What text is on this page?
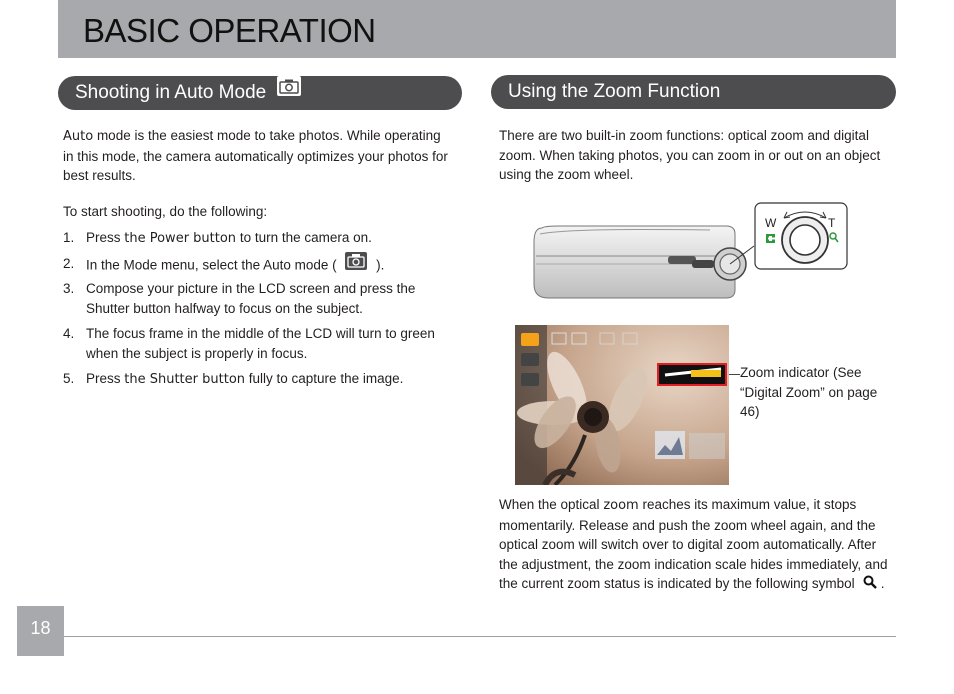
BASIC OPERATION
Shooting in Auto Mode	Using the Zoom Function
Auto mode is the easiest mode to take photos. While operating in this mode, the camera automatically optimizes your photos for best results.
To start shooting, do the following:
1. Press the Power button to turn the camera on.
2. In the Mode menu, select the Auto mode (  ).
3. Compose your picture in the LCD screen and press the Shutter button halfway to focus on the subject.
4. The focus frame in the middle of the LCD will turn to green when the subject is properly in focus.
5. Press the Shutter button fully to capture the image.
There are two built-in zoom functions: optical zoom and digital zoom. When taking photos, you can zoom in or out on an object using the zoom wheel.
W	T
Zoom indicator (See “Digital Zoom” on page 46)
When the optical zoom reaches its maximum value, it stops momentarily. Release and push the zoom wheel again, and the optical zoom will switch over to digital zoom automatically. After the adjustment, the zoom indication scale hides immediately, and the current zoom status is indicated by the following symbol .
18
